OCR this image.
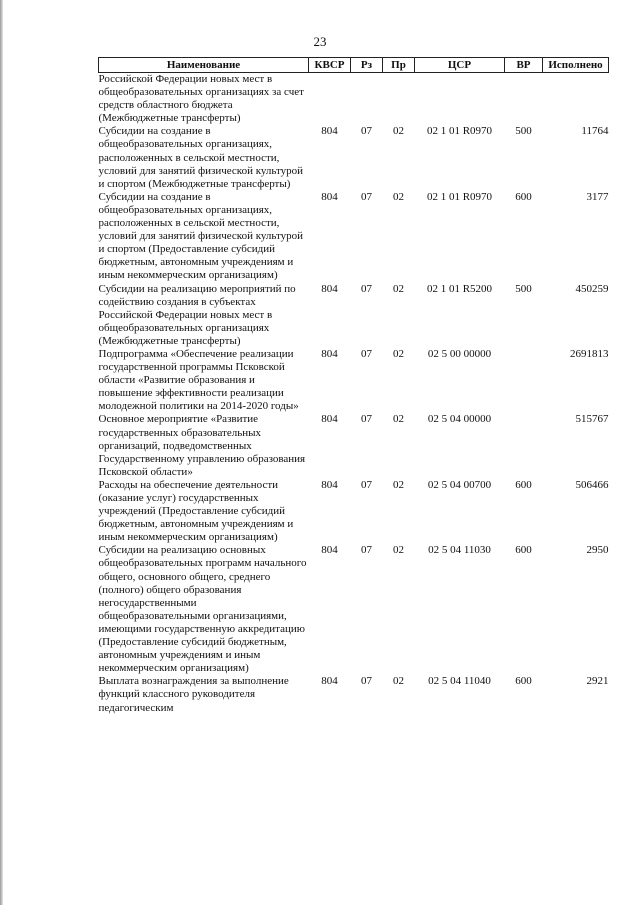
23
Наименование	КВСР	Рз	Пр	ЦСР	ВР	Исполнено
Российской Федерации новых мест в общеобразовательных организациях за счет средств областного бюджета (Межбюджетные трансферты)						
Субсидии на создание в общеобразовательных организациях, расположенных в сельской местности, условий для занятий физической культурой и спортом (Межбюджетные трансферты)	804	07	02	02 1 01 R0970	500	11764
Субсидии на создание в общеобразовательных организациях, расположенных в сельской местности, условий для занятий физической культурой и спортом (Предоставление субсидий бюджетным, автономным учреждениям и иным некоммерческим организациям)	804	07	02	02 1 01 R0970	600	3177
Субсидии на реализацию мероприятий по содействию создания в субъектах Российской Федерации новых мест в общеобразовательных организациях (Межбюджетные трансферты)	804	07	02	02 1 01 R5200	500	450259
Подпрограмма «Обеспечение реализации государственной программы Псковской области «Развитие образования и повышение эффективности реализации молодежной политики на 2014-2020 годы»	804	07	02	02 5 00 00000		2691813
Основное мероприятие «Развитие государственных образовательных организаций, подведомственных Государственному управлению образования Псковской области»	804	07	02	02 5 04 00000		515767
Расходы на обеспечение деятельности (оказание услуг) государственных учреждений (Предоставление субсидий бюджетным, автономным учреждениям и иным некоммерческим организациям)	804	07	02	02 5 04 00700	600	506466
Субсидии на реализацию основных общеобразовательных программ начального общего, основного общего, среднего (полного) общего образования негосударственными общеобразовательными организациями, имеющими государственную аккредитацию (Предоставление субсидий бюджетным, автономным учреждениям и иным некоммерческим организациям)	804	07	02	02 5 04 11030	600	2950
Выплата вознаграждения за выполнение функций классного руководителя педагогическим	804	07	02	02 5 04 11040	600	2921
